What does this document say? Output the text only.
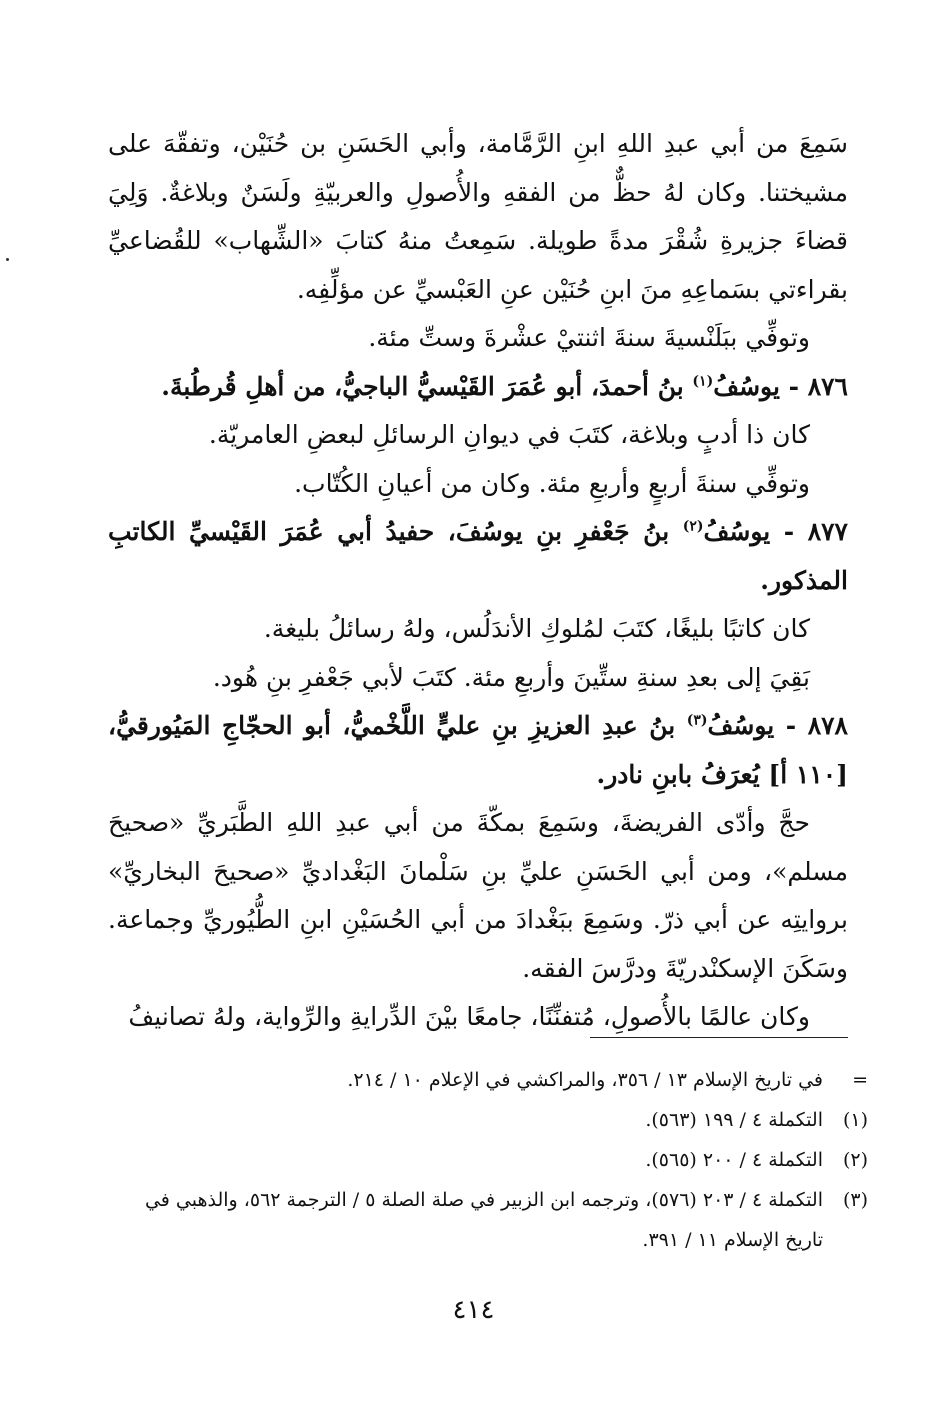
سَمِعَ من أبي عبدِ اللهِ ابنِ الرَّمَّامة، وأبي الحَسَنِ بن حُنَيْن، وتفقّهَ على مشيختنا. وكان لهُ حظٌّ من الفقهِ والأُصولِ والعربيّةِ ولَسَنٌ وبلاغةٌ. وَلِيَ قضاءَ جزيرةِ شُقْرَ مدةً طويلة. سَمِعتُ منهُ كتابَ «الشِّهاب» للقُضاعيِّ بقراءتي بسَماعِهِ منَ ابنِ حُنَيْن عنِ العَبْسيِّ عن مؤلِّفِه.

وتوفِّي ببَلَنْسيةَ سنةَ اثنتيْ عشْرةَ وستِّ مئة.

٨٧٦ - يوسُفُ$^{(١)}$ بنُ أحمدَ، أبو عُمَرَ القَيْسيُّ الباجيُّ، من أهلِ قُرطُبةَ.

كان ذا أدبٍ وبلاغة، كتَبَ في ديوانِ الرسائلِ لبعضِ العامريّة.

وتوفِّي سنةَ أربعٍ وأربعِ مئة. وكان من أعيانِ الكُتّاب.

٨٧٧ - يوسُفُ$^{(٢)}$ بنُ جَعْفرِ بنِ يوسُفَ، حفيدُ أبي عُمَرَ القَيْسيِّ الكاتبِ المذكور.

كان كاتبًا بليغًا، كتَبَ لمُلوكِ الأندَلُس، ولهُ رسائلُ بليغة.

بَقِيَ إلى بعدِ سنةِ ستِّينَ وأربعِ مئة. كتَبَ لأبي جَعْفرِ بنِ هُود.

٨٧٨ - يوسُفُ$^{(٣)}$ بنُ عبدِ العزيزِ بنِ عليٍّ اللَّخْميُّ، أبو الحجّاجِ المَيُورقيُّ، [١١٠ أ] يُعرَفُ بابنِ نادر.

حجَّ وأدّى الفريضةَ، وسَمِعَ بمكّةَ من أبي عبدِ اللهِ الطَّبَريِّ «صحيحَ مسلم»، ومن أبي الحَسَنِ عليِّ بنِ سَلْمانَ البَغْداديِّ «صحيحَ البخاريِّ» بروايتِه عن أبي ذرّ. وسَمِعَ ببَغْدادَ من أبي الحُسَيْنِ ابنِ الطُّيُوريِّ وجماعة. وسَكَنَ الإسكنْدريّةَ ودرَّسَ الفقه.

وكان عالمًا بالأُصولِ، مُتفنِّنًا، جامعًا بيْنَ الدِّرايةِ والرِّواية، ولهُ تصانيفُ

=
في تاريخ الإسلام ١٣ / ٣٥٦، والمراكشي في الإعلام ١٠ / ٢١٤.
(١)
التكملة ٤ / ١٩٩ (٥٦٣).
(٢)
التكملة ٤ / ٢٠٠ (٥٦٥).
(٣)
التكملة ٤ / ٢٠٣ (٥٧٦)، وترجمه ابن الزبير في صلة الصلة ٥ / الترجمة ٥٦٢، والذهبي في تاريخ الإسلام ١١ / ٣٩١.
٤١٤
